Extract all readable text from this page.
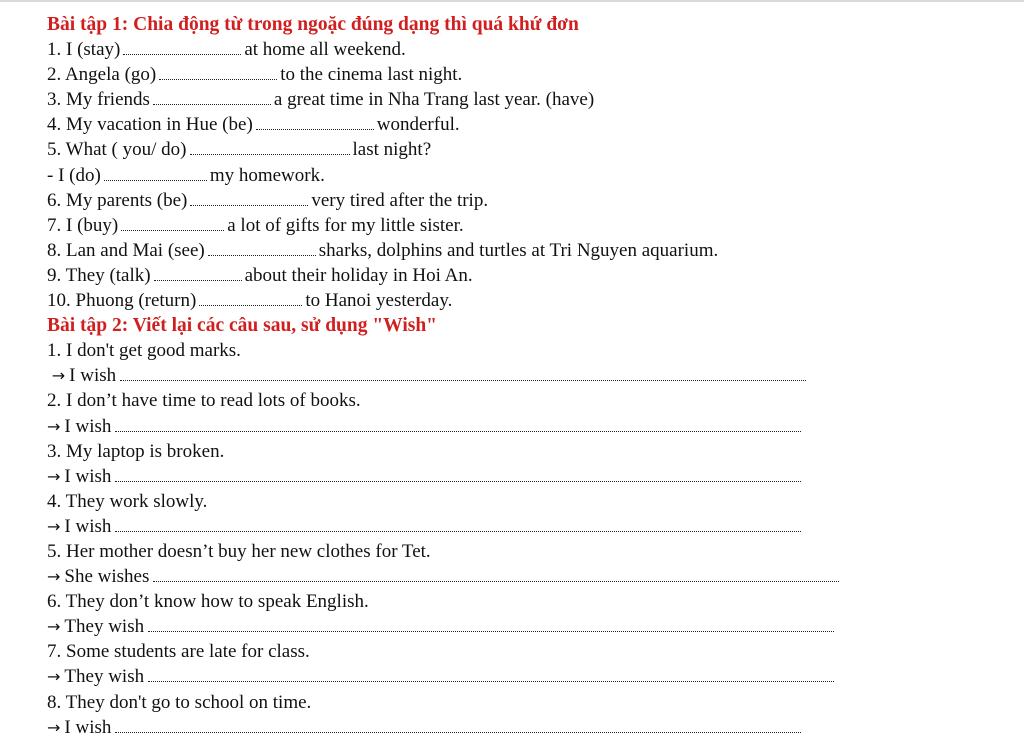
Bài tập 1: Chia động từ trong ngoặc đúng dạng thì quá khứ đơn
1. I (stay)	at home all weekend.
2. Angela (go)	to the cinema last night.
3. My friends	a great time in Nha Trang last year. (have)
4. My vacation in Hue (be)	wonderful.
5. What ( you/ do)	last night?
- I (do)	my homework.
6. My parents (be)	very tired after the trip.
7. I (buy)	a lot of gifts for my little sister.
8. Lan and Mai (see)	sharks, dolphins and turtles at Tri Nguyen aquarium.
9. They (talk)	about their holiday in Hoi An.
10. Phuong (return)	to Hanoi yesterday.
Bài tập 2: Viết lại các câu sau, sử dụng "Wish"
1. I don't get good marks.
→ I wish
2. I don’t have time to read lots of books.
→ I wish
3. My laptop is broken.
→ I wish
4. They work slowly.
→ I wish
5. Her mother doesn’t buy her new clothes for Tet.
→ She wishes
6. They don’t know how to speak English.
→ They wish
7. Some students are late for class.
→ They wish
8. They don't go to school on time.
→ I wish
